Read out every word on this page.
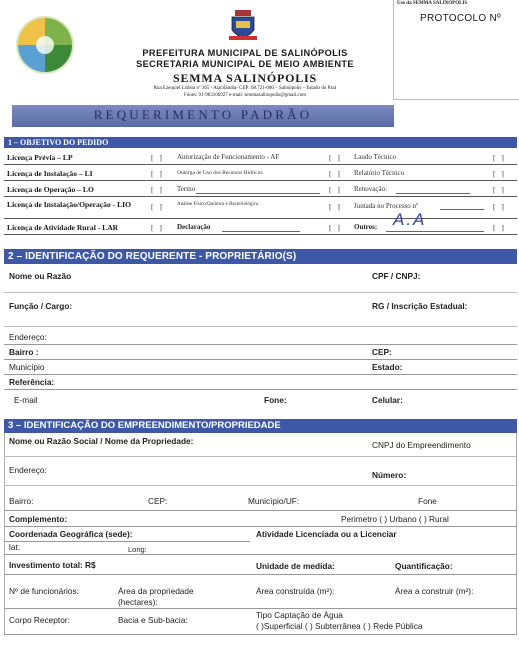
PREFEITURA MUNICIPAL DE SALINÓPOLIS
SECRETARIA MUNICIPAL DE MEIO AMBIENTE
SEMMA SALINÓPOLIS
Rua Ezequiel Lisboa nº 365 - Alacilândia- CEP: 68.721-000 – Salinópolis – Estado do Pará
Fones: 91-983106927 e-mail: semmasalinopolis@gmail.com
Uso da SEMMA SALINÓPOLIS
PROTOCOLO Nº
REQUERIMENTO PADRÃO
1 – OBJETIVO DO PEDIDO
Licença Prévia – LP	[ ] Autorização de Funcionamento - AF	[ ] Laudo Técnico	[ ]
Licença de Instalação – LI	[ ] Outorga de Uso dos Recursos Hídricos	[ ] Relatório Técnico	[ ]
Licença de Operação – LO	[ ] Termo	[ ] Renovação:	[ ]
Licença de Instalação/Operação - LIO	[ ]	Análise Físico/Química e Bacteriológica	[ ] Juntada no Processo nº	[ ]
Licença de Atividade Rural - LAR	[ ] Declaração	[ ] Outros:	[ ]
A.A
2 – IDENTIFICAÇÃO DO REQUERENTE - PROPRIETÁRIO(S)
Nome ou Razão	CPF / CNPJ:
Função / Cargo:	RG / Inscrição Estadual:
Endereço:
Bairro :	CEP:
Município	Estado:
Referência:
E-mail	Fone:	Celular:
3 – IDENTIFICAÇÃO DO EMPREENDIMENTO/PROPRIEDADE
Nome ou Razão Social / Nome da Propriedade:	CNPJ do Empreendimento
Endereço:	Número:
Bairro:	CEP:	Município/UF:	Fone
Complemento:	Perimetro ( ) Urbano ( ) Rural
Coordenada Geográfica (sede):	Atividade Licenciada ou a Licenciar
lat:	Long:
Investimento total: R$	Unidade de medida:	Quantificação:
Nº de funcionários:	Área da propriedade
(hectares):
Área construída (m²):	Área a construir (m²):
Corpo Receptor:	Bacia e Sub-bacia:	Tipo Captação de Água
( )Superficial ( ) Subterrânea ( ) Rede Pública
